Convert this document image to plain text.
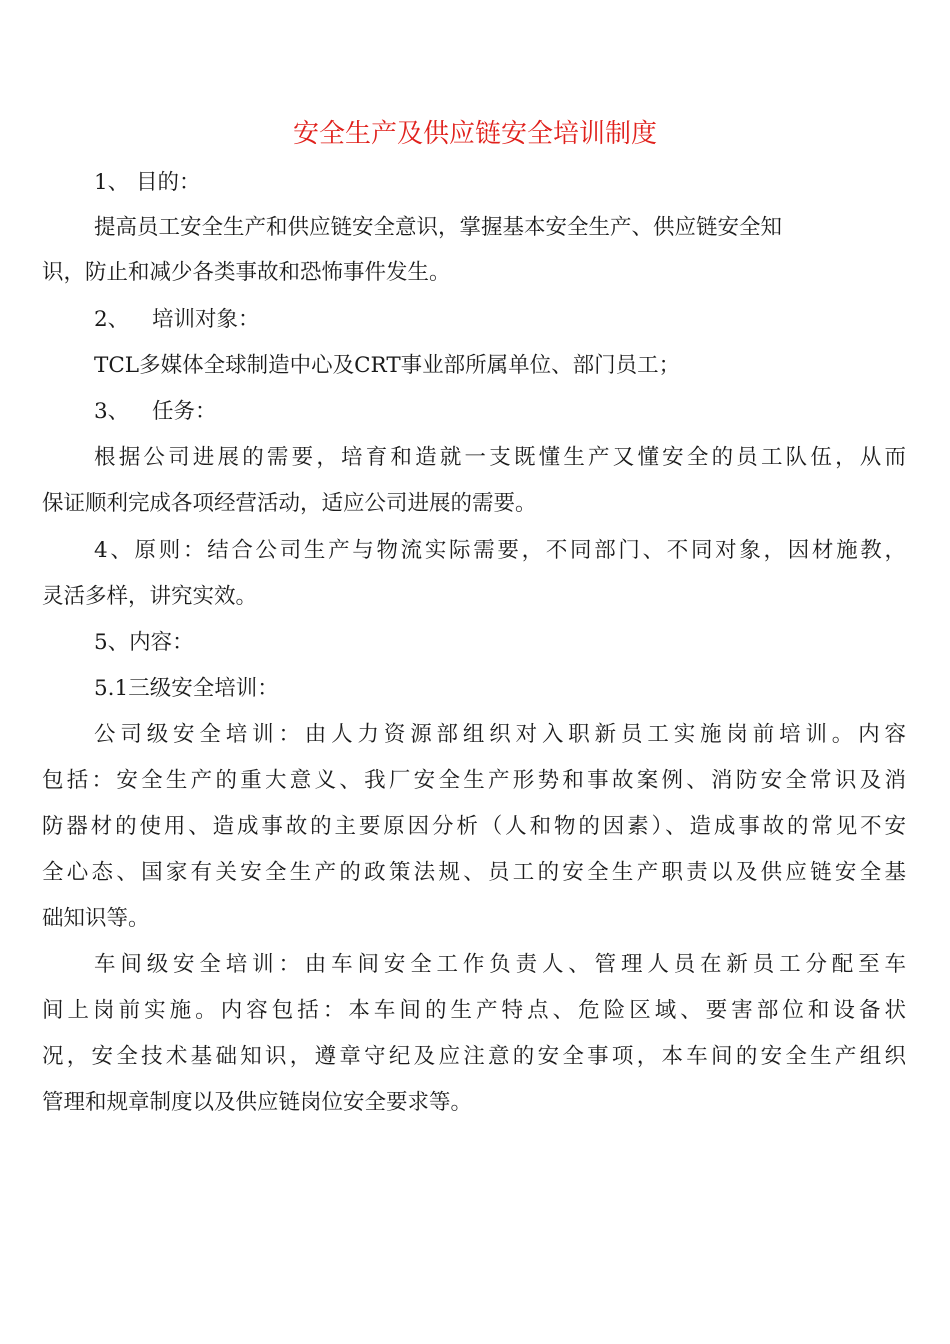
安全生产及供应链安全培训制度
1、 目的：
提高员工安全生产和供应链安全意识，掌握基本安全生产、供应链安全知
识，防止和减少各类事故和恐怖事件发生。
2、 培训对象：
TCL多媒体全球制造中心及CRT事业部所属单位、部门员工；
3、 任务：
根据公司进展的需要，培育和造就一支既懂生产又懂安全的员工队伍，从而
保证顺利完成各项经营活动，适应公司进展的需要。
4、原则：结合公司生产与物流实际需要，不同部门、不同对象，因材施教，
灵活多样，讲究实效。
5、内容：
5.1三级安全培训：
公司级安全培训：由人力资源部组织对入职新员工实施岗前培训。内容
包括：安全生产的重大意义、我厂安全生产形势和事故案例、消防安全常识及消
防器材的使用、造成事故的主要原因分析（人和物的因素）、造成事故的常见不安
全心态、国家有关安全生产的政策法规、员工的安全生产职责以及供应链安全基
础知识等。
车间级安全培训：由车间安全工作负责人、管理人员在新员工分配至车
间上岗前实施。内容包括：本车间的生产特点、危险区域、要害部位和设备状
况，安全技术基础知识，遵章守纪及应注意的安全事项，本车间的安全生产组织
管理和规章制度以及供应链岗位安全要求等。
